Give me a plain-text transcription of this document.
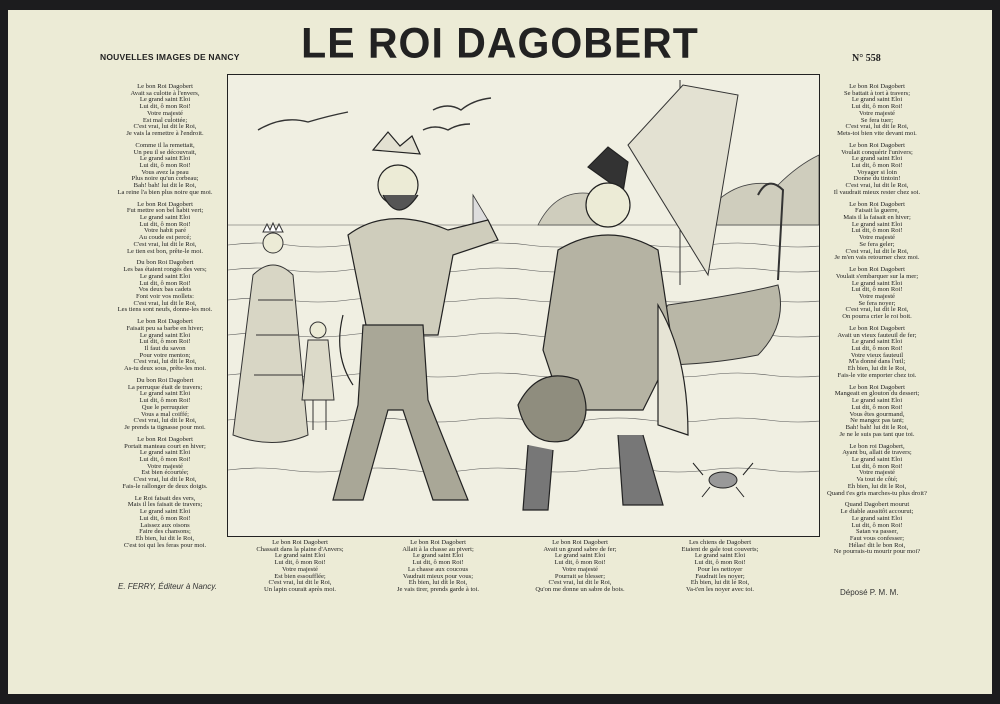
NOUVELLES IMAGES DE NANCY	LE ROI DAGOBERT	N° 558
Le bon Roi Dagobert
Avait sa culotte à l'envers,
Le grand saint Eloi
Lui dit, ô mon Roi!
Votre majesté
Est mal culottée;
C'est vrai, lui dit le Roi,
Je vais la remettre à l'endroit.
Comme il la remettait,
Un peu il se découvrait,
Le grand saint Eloi
Lui dit, ô mon Roi!
Vous avez la peau
Plus noire qu'un corbeau;
Bah! bah! lui dit le Roi,
La reine l'a bien plus noire que moi.
Le bon Roi Dagobert
Fut mettre son bel habit vert;
Le grand saint Eloi
Lui dit, ô mon Roi!
Votre habit paré
Au coude est percé;
C'est vrai, lui dit le Roi,
Le tien est bon, prête-le moi.
Du bon Roi Dagobert
Les bas étaient rongés des vers;
Le grand saint Eloi
Lui dit, ô mon Roi!
Vos deux bas cadets
Font voir vos mollets:
C'est vrai, lui dit le Roi,
Les tiens sont neufs, donne-les moi.
Le bon Roi Dagobert
Faisait peu sa barbe en hiver;
Le grand saint Eloi
Lui dit, ô mon Roi!
Il faut du savon
Pour votre menton;
C'est vrai, lui dit le Roi,
As-tu deux sous, prête-les moi.
Du bon Roi Dagobert
La perruque était de travers;
Le grand saint Eloi
Lui dit, ô mon Roi!
Que le perruquier
Vous a mal coiffé;
C'est vrai, lui dit le Roi,
Je prends ta tignasse pour moi.
Le bon Roi Dagobert
Portait manteau court en hiver;
Le grand saint Eloi
Lui dit, ô mon Roi!
Votre majesté
Est bien écourtée;
C'est vrai, lui dit le Roi,
Fais-le rallonger de deux doigts.
Le Roi faisait des vers,
Mais il les faisait de travers;
Le grand saint Eloi
Lui dit, ô mon Roi!
Laissez aux oisons
Faire des chansons;
Eh bien, lui dit le Roi,
C'est toi qui les feras pour moi.
Le bon Roi Dagobert
Se battait à tort à travers;
Le grand saint Eloi
Lui dit, ô mon Roi!
Votre majesté
Se fera tuer;
C'est vrai, lui dit le Roi,
Mets-toi bien vite devant moi.
Le bon Roi Dagobert
Voulait conquérir l'univers;
Le grand saint Eloi
Lui dit, ô mon Roi!
Voyager si loin
Donne du tintoin!
C'est vrai, lui dit le Roi,
Il vaudrait mieux rester chez soi.
Le bon Roi Dagobert
Faisait la guerre,
Mais il la faisait en hiver;
Le grand saint Eloi
Lui dit, ô mon Roi!
Votre majesté
Se fera geler;
C'est vrai, lui dit le Roi,
Je m'en vais retourner chez moi.
Le bon Roi Dagobert
Voulait s'embarquer sur la mer;
Le grand saint Eloi
Lui dit, ô mon Roi!
Votre majesté
Se fera noyer;
C'est vrai, lui dit le Roi,
On pourra crier le roi boit.
Le bon Roi Dagobert
Avait un vieux fauteuil de fer;
Le grand saint Eloi
Lui dit, ô mon Roi!
Votre vieux fauteuil
M'a donné dans l'œil;
Eh bien, lui dit le Roi,
Fais-le vite emporter chez toi.
Le bon Roi Dagobert
Mangeait en glouton du dessert;
Le grand saint Eloi
Lui dit, ô mon Roi!
Vous êtes gourmand,
Ne mangez pas tant;
Bah! bah! lui dit le Roi,
Je ne le suis pas tant que toi.
Le bon roi Dagobert,
Ayant bu, allait de travers;
Le grand saint Eloi
Lui dit, ô mon Roi!
Votre majesté
Va tout de côté;
Eh bien, lui dit le Roi,
Quand t'es gris marches-tu plus droit?
Quand Dagobert mourut
Le diable aussitôt accourut;
Le grand saint Eloi
Lui dit, ô mon Roi!
Satan va passer,
Faut vous confesser;
Hélas! dit le bon Roi,
Ne pourrais-tu mourir pour moi?
Le bon Roi Dagobert
Chassait dans la plaine d'Anvers;
Le grand saint Eloi
Lui dit, ô mon Roi!
Votre majesté
Est bien essoufflée;
C'est vrai, lui dit le Roi,
Un lapin courait après moi.
Le bon Roi Dagobert
Allait à la chasse au pivert;
Le grand saint Eloi
Lui dit, ô mon Roi!
La chasse aux coucous
Vaudrait mieux pour vous;
Eh bien, lui dit le Roi,
Je vais tirer, prends garde à toi.
Le bon Roi Dagobert
Avait un grand sabre de fer;
Le grand saint Eloi
Lui dit, ô mon Roi!
Votre majesté
Pourrait se blesser;
C'est vrai, lui dit le Roi,
Qu'on me donne un sabre de bois.
Les chiens de Dagobert
Etaient de gale tout couverts;
Le grand saint Eloi
Lui dit, ô mon Roi!
Pour les nettoyer
Faudrait les noyer;
Eh bien, lui dit le Roi,
Va-t'en les noyer avec toi.
E. FERRY, Éditeur à Nancy.
Déposé P. M. M.
